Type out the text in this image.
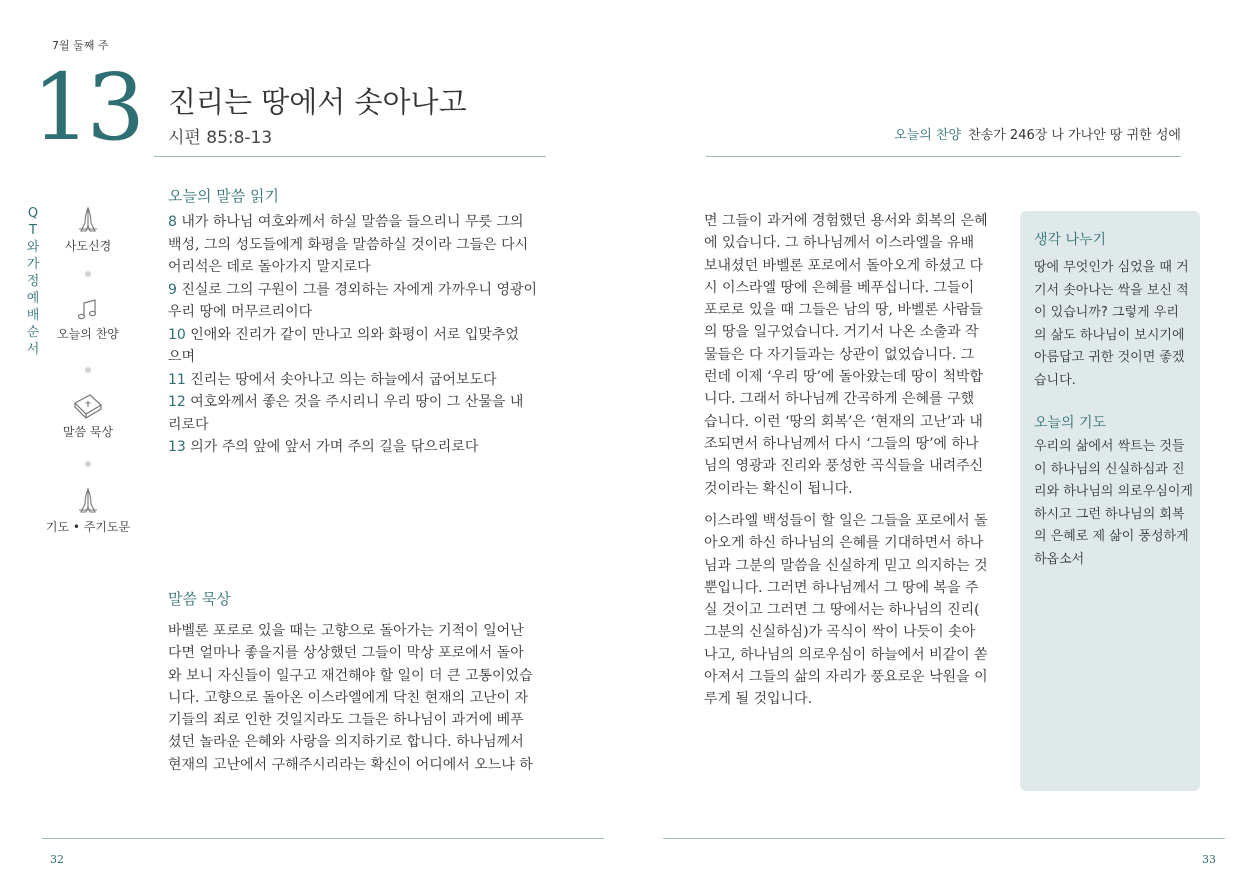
7월 둘째 주
13 진리는 땅에서 솟아나고
시편 85:8-13
QT와 가정예배 순서
사도신경
오늘의 찬양
말씀 묵상
기도 • 주기도문
오늘의 말씀 읽기
8 내가 하나님 여호와께서 하실 말씀을 들으리니 무릇 그의
백성, 그의 성도들에게 화평을 말씀하실 것이라 그들은 다시
어리석은 데로 돌아가지 말지로다
9 진실로 그의 구원이 그를 경외하는 자에게 가까우니 영광이
우리 땅에 머무르리이다
10 인애와 진리가 같이 만나고 의와 화평이 서로 입맞추었
으며
11 진리는 땅에서 솟아나고 의는 하늘에서 굽어보도다
12 여호와께서 좋은 것을 주시리니 우리 땅이 그 산물을 내
리로다
13 의가 주의 앞에 앞서 가며 주의 길을 닦으리로다
말씀 묵상
바벨론 포로로 있을 때는 고향으로 돌아가는 기적이 일어난
다면 얼마나 좋을지를 상상했던 그들이 막상 포로에서 돌아
와 보니 자신들이 일구고 재건해야 할 일이 더 큰 고통이었습
니다. 고향으로 돌아온 이스라엘에게 닥친 현재의 고난이 자
기들의 죄로 인한 것일지라도 그들은 하나님이 과거에 베푸
셨던 놀라운 은혜와 사랑을 의지하기로 합니다. 하나님께서
현재의 고난에서 구해주시리라는 확신이 어디에서 오느냐 하
32
오늘의 찬양 찬송가 246장 나 가나안 땅 귀한 성에
면 그들이 과거에 경험했던 용서와 회복의 은혜
에 있습니다. 그 하나님께서 이스라엘을 유배
보내셨던 바벨론 포로에서 돌아오게 하셨고 다
시 이스라엘 땅에 은혜를 베푸십니다. 그들이
포로로 있을 때 그들은 남의 땅, 바벨론 사람들
의 땅을 일구었습니다. 거기서 나온 소출과 작
물들은 다 자기들과는 상관이 없었습니다. 그
런데 이제 ‘우리 땅’에 돌아왔는데 땅이 척박합
니다. 그래서 하나님께 간곡하게 은혜를 구했
습니다. 이런 ‘땅의 회복’은 ‘현재의 고난’과 내
조되면서 하나님께서 다시 ‘그들의 땅’에 하나
님의 영광과 진리와 풍성한 곡식들을 내려주신
것이라는 확신이 됩니다.
이스라엘 백성들이 할 일은 그들을 포로에서 돌
아오게 하신 하나님의 은혜를 기대하면서 하나
님과 그분의 말씀을 신실하게 믿고 의지하는 것
뿐입니다. 그러면 하나님께서 그 땅에 복을 주
실 것이고 그러면 그 땅에서는 하나님의 진리(
그분의 신실하심)가 곡식이 싹이 나듯이 솟아
나고, 하나님의 의로우심이 하늘에서 비같이 쏟
아져서 그들의 삶의 자리가 풍요로운 낙원을 이
루게 될 것입니다.
생각 나누기
땅에 무엇인가 심었을 때 거
기서 솟아나는 싹을 보신 적
이 있습니까? 그렇게 우리
의 삶도 하나님이 보시기에
아름답고 귀한 것이면 좋겠
습니다.
오늘의 기도
우리의 삶에서 싹트는 것들
이 하나님의 신실하심과 진
리와 하나님의 의로우심이게
하시고 그런 하나님의 회복
의 은혜로 제 삶이 풍성하게
하옵소서
33
